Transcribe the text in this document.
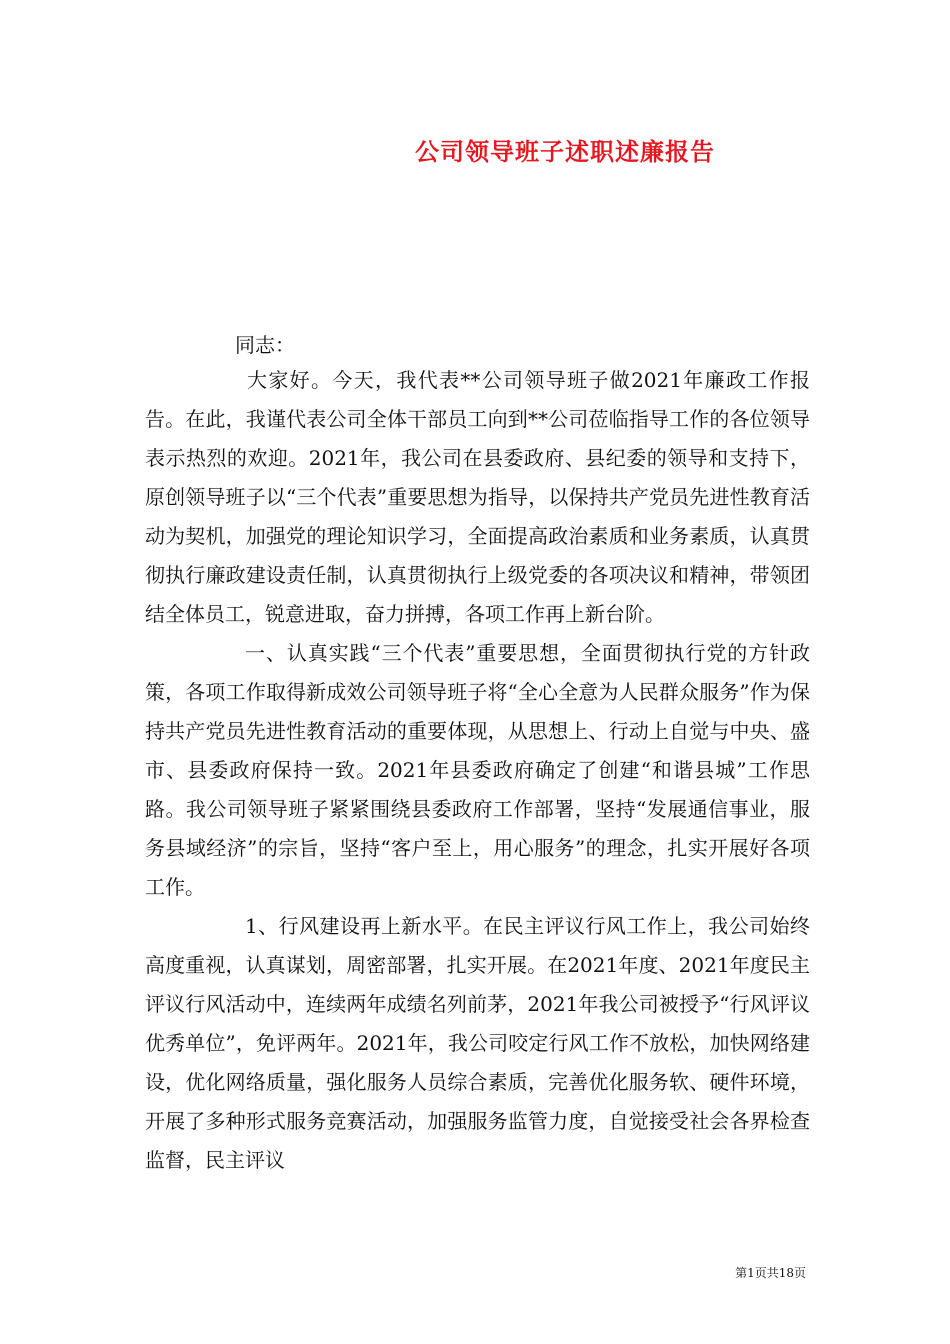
公司领导班子述职述廉报告
同志：

大家好。今天，我代表**公司领导班子做2021年廉政工作报告。在此，我谨代表公司全体干部员工向到**公司莅临指导工作的各位领导表示热烈的欢迎。2021年，我公司在县委政府、县纪委的领导和支持下，原创领导班子以“三个代表”重要思想为指导，以保持共产党员先进性教育活动为契机，加强党的理论知识学习，全面提高政治素质和业务素质，认真贯彻执行廉政建设责任制，认真贯彻执行上级党委的各项决议和精神，带领团结全体员工，锐意进取，奋力拼搏，各项工作再上新台阶。

一、认真实践“三个代表”重要思想，全面贯彻执行党的方针政策，各项工作取得新成效公司领导班子将“全心全意为人民群众服务”作为保持共产党员先进性教育活动的重要体现，从思想上、行动上自觉与中央、盛市、县委政府保持一致。2021年县委政府确定了创建“和谐县城”工作思路。我公司领导班子紧紧围绕县委政府工作部署，坚持“发展通信事业，服务县域经济”的宗旨，坚持“客户至上，用心服务”的理念，扎实开展好各项工作。

1、行风建设再上新水平。在民主评议行风工作上，我公司始终高度重视，认真谋划，周密部署，扎实开展。在2021年度、2021年度民主评议行风活动中，连续两年成绩名列前茅，2021年我公司被授予“行风评议优秀单位”，免评两年。2021年，我公司咬定行风工作不放松，加快网络建设，优化网络质量，强化服务人员综合素质，完善优化服务软、硬件环境，开展了多种形式服务竞赛活动，加强服务监管力度，自觉接受社会各界检查监督，民主评议

第1页共18页
